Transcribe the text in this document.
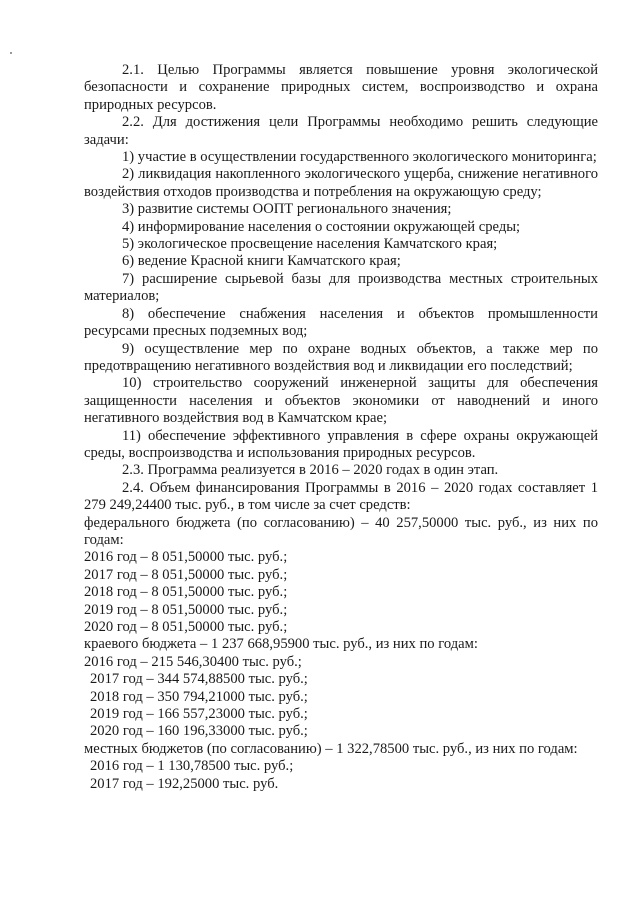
2.1. Целью Программы является повышение уровня экологической безопасности и сохранение природных систем, воспроизводство и охрана природных ресурсов.

2.2. Для достижения цели Программы необходимо решить следующие задачи:

1) участие в осуществлении государственного экологического мониторинга;

2) ликвидация накопленного экологического ущерба, снижение негативного воздействия отходов производства и потребления на окружающую среду;

3) развитие системы ООПТ регионального значения;

4) информирование населения о состоянии окружающей среды;

5) экологическое просвещение населения Камчатского края;

6) ведение Красной книги Камчатского края;

7) расширение сырьевой базы для производства местных строительных материалов;

8) обеспечение снабжения населения и объектов промышленности ресурсами пресных подземных вод;

9) осуществление мер по охране водных объектов, а также мер по предотвращению негативного воздействия вод и ликвидации его последствий;

10) строительство сооружений инженерной защиты для обеспечения защищенности населения и объектов экономики от наводнений и иного негативного воздействия вод в Камчатском крае;

11) обеспечение эффективного управления в сфере охраны окружающей среды, воспроизводства и использования природных ресурсов.

2.3. Программа реализуется в 2016 – 2020 годах в один этап.

2.4. Объем финансирования Программы в 2016 – 2020 годах составляет 1 279 249,24400 тыс. руб., в том числе за счет средств:

федерального бюджета (по согласованию) – 40 257,50000 тыс. руб., из них по годам:

2016 год – 8 051,50000 тыс. руб.;

2017 год – 8 051,50000 тыс. руб.;

2018 год – 8 051,50000 тыс. руб.;

2019 год – 8 051,50000 тыс. руб.;

2020 год – 8 051,50000 тыс. руб.;

краевого бюджета – 1 237 668,95900 тыс. руб., из них по годам:

2016 год – 215 546,30400 тыс. руб.;

2017 год – 344 574,88500 тыс. руб.;

2018 год – 350 794,21000 тыс. руб.;

2019 год – 166 557,23000 тыс. руб.;

2020 год – 160 196,33000 тыс. руб.;

местных бюджетов (по согласованию) – 1 322,78500 тыс. руб., из них по годам:

2016 год – 1 130,78500 тыс. руб.;

2017 год – 192,25000 тыс. руб.
